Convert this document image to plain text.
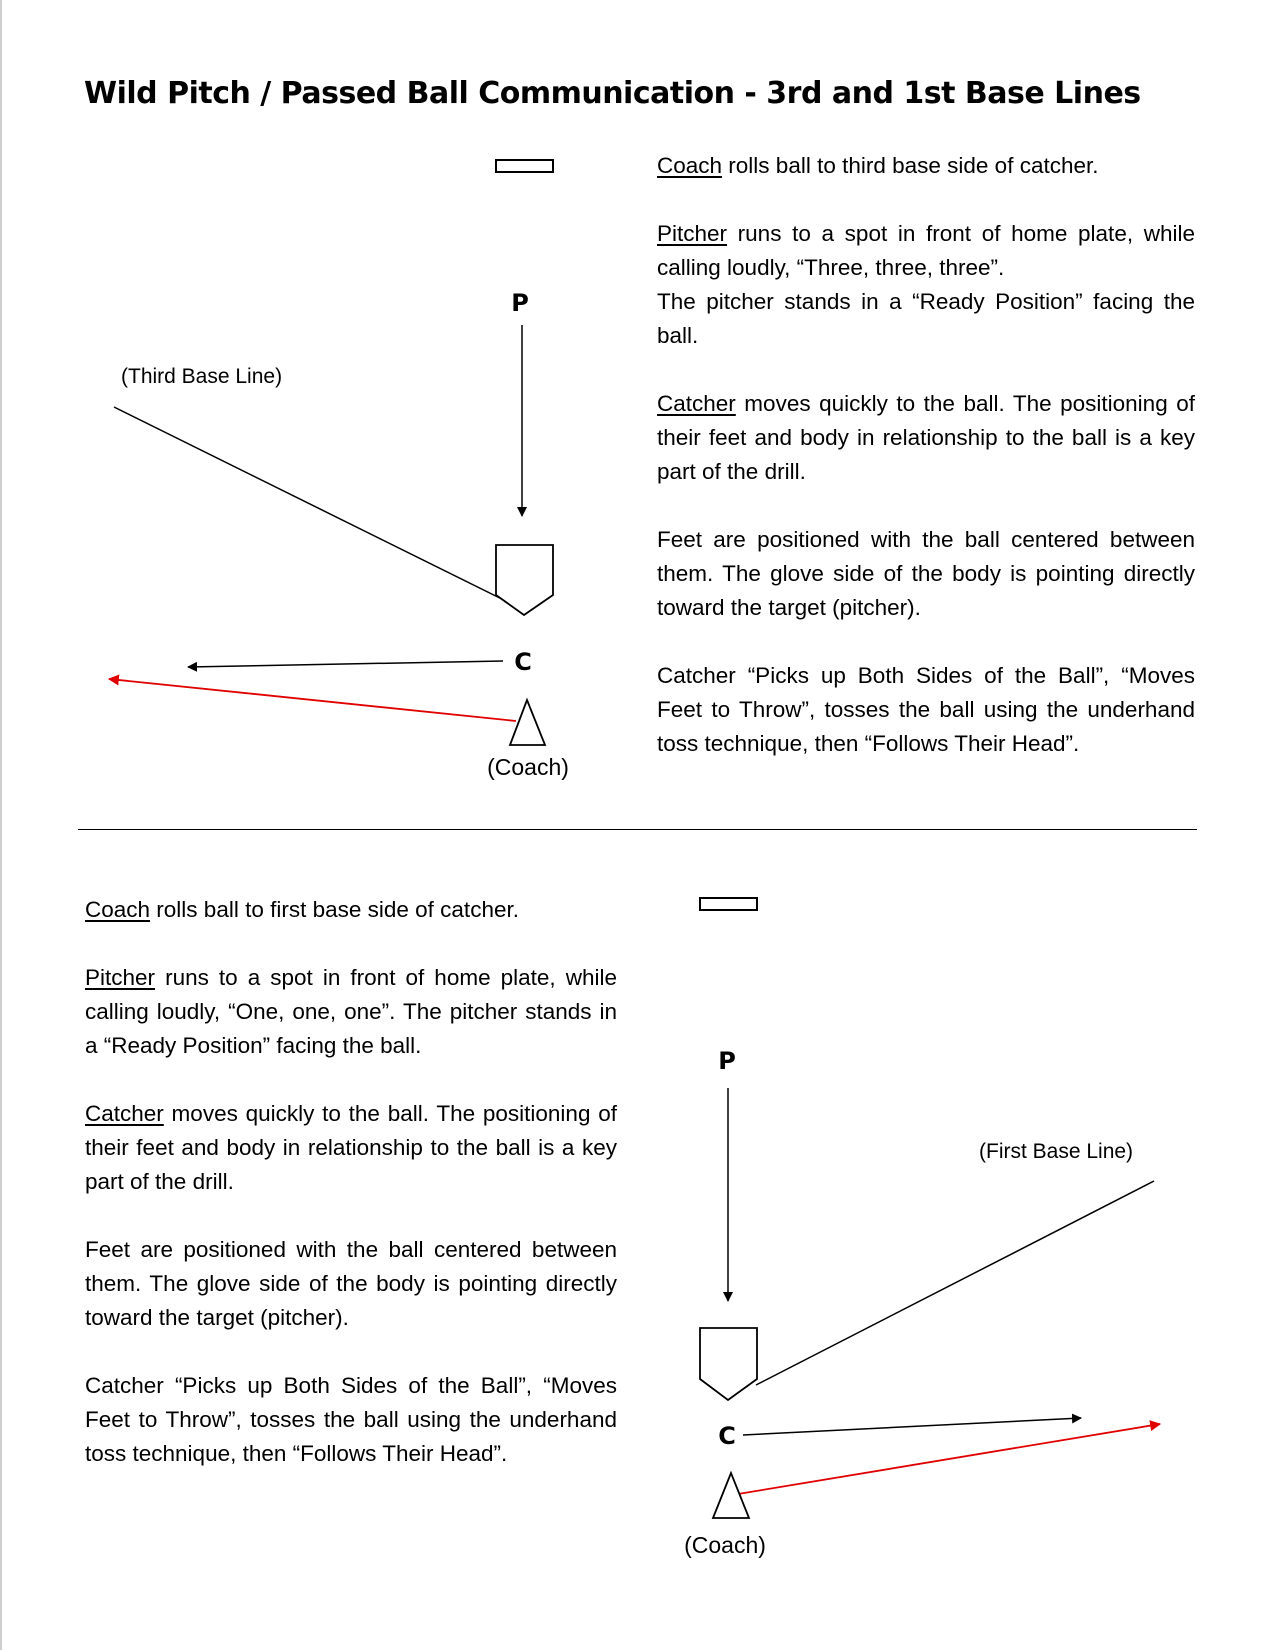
Wild Pitch / Passed Ball Communication - 3rd and 1st Base Lines
P
(Third Base Line)
C
(Coach)
P
(First Base Line)
C
(Coach)

Coach rolls ball to third base side of catcher.

Pitcher runs to a spot in front of home plate, while calling loudly, “Three, three, three”.
The pitcher stands in a “Ready Position” facing the ball.

Catcher moves quickly to the ball. The positioning of their feet and body in relationship to the ball is a key part of the drill.

Feet are positioned with the ball centered between them. The glove side of the body is pointing directly toward the target (pitcher).

Catcher “Picks up Both Sides of the Ball”, “Moves Feet to Throw”, tosses the ball using the underhand toss technique, then “Follows Their Head”.

Coach rolls ball to first base side of catcher.

Pitcher runs to a spot in front of home plate, while calling loudly, “One, one, one”. The pitcher stands in a “Ready Position” facing the ball.

Catcher moves quickly to the ball. The positioning of their feet and body in relationship to the ball is a key part of the drill.

Feet are positioned with the ball centered between them. The glove side of the body is pointing directly toward the target (pitcher).

Catcher “Picks up Both Sides of the Ball”, “Moves Feet to Throw”, tosses the ball using the underhand toss technique, then “Follows Their Head”.
